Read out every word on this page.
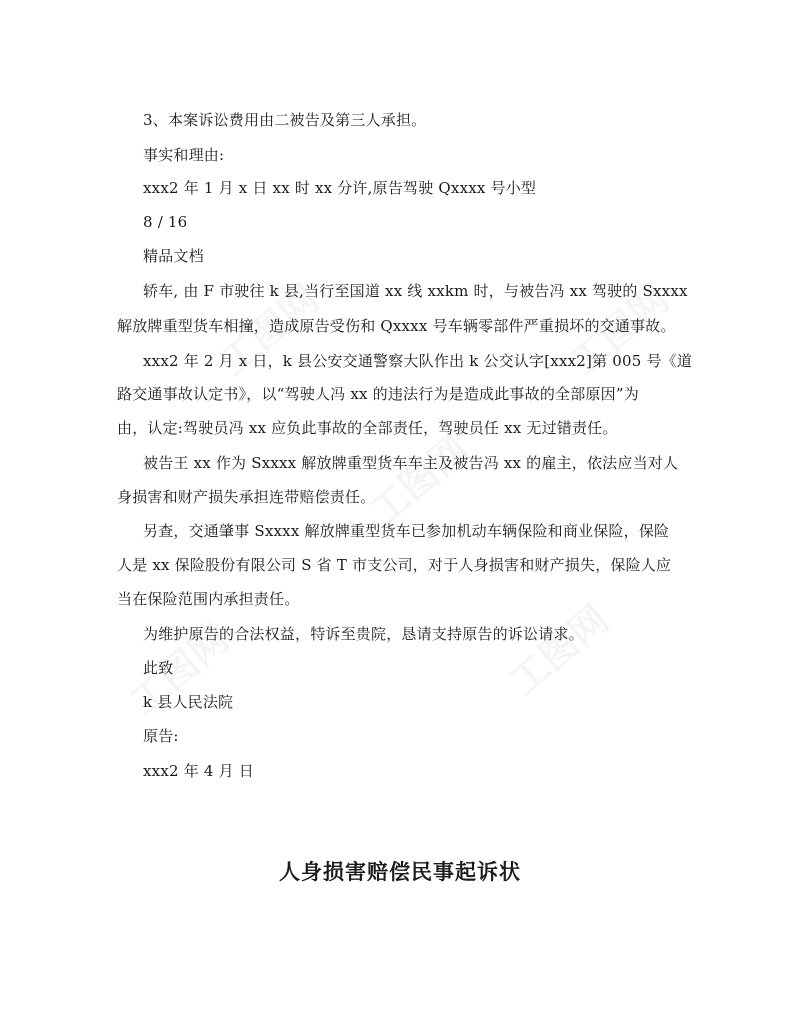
3、本案诉讼费用由二被告及第三人承担。
事实和理由:
xxx2 年 1 月 x 日 xx 时 xx 分许,原告驾驶 Qxxxx 号小型
8 / 16
精品文档
轿车, 由 F 市驶往 k 县,当行至国道 xx 线 xxkm 时，与被告冯 xx 驾驶的 Sxxxx
解放牌重型货车相撞，造成原告受伤和 Qxxxx 号车辆零部件严重损坏的交通事故。
xxx2 年 2 月 x 日，k 县公安交通警察大队作出 k 公交认字[xxx2]第 005 号《道
路交通事故认定书》，以“驾驶人冯 xx 的违法行为是造成此事故的全部原因”为
由，认定:驾驶员冯 xx 应负此事故的全部责任，驾驶员任 xx 无过错责任。
被告王 xx 作为 Sxxxx 解放牌重型货车车主及被告冯 xx 的雇主，依法应当对人
身损害和财产损失承担连带赔偿责任。
另查，交通肇事 Sxxxx 解放牌重型货车已参加机动车辆保险和商业保险，保险
人是 xx 保险股份有限公司 S 省 T 市支公司，对于人身损害和财产损失，保险人应
当在保险范围内承担责任。
为维护原告的合法权益，特诉至贵院，恳请支持原告的诉讼请求。
此致
k 县人民法院
原告:
xxx2 年 4 月 日
人身损害赔偿民事起诉状
